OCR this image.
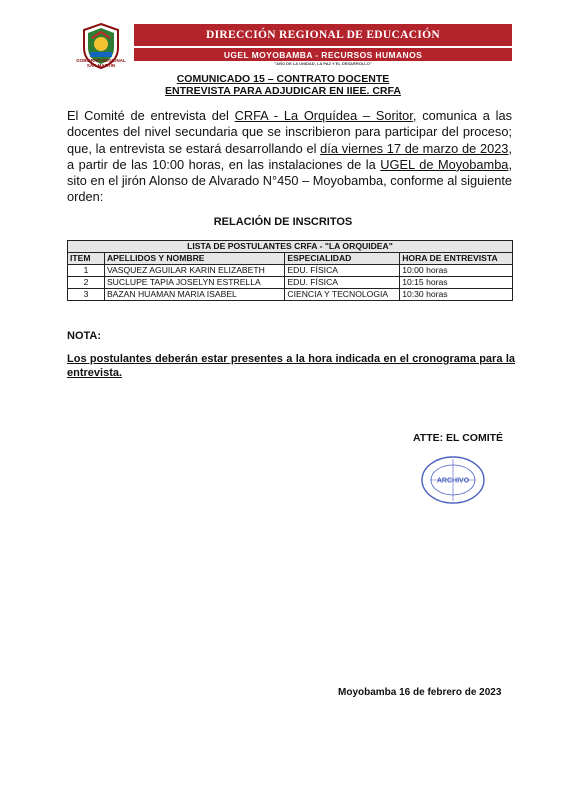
GOBIERNO REGIONAL SAN MARTÍN
DIRECCIÓN REGIONAL DE EDUCACIÓN
UGEL MOYOBAMBA - RECURSOS HUMANOS
"AÑO DE LA UNIDAD, LA PAZ Y EL DESARROLLO"
COMUNICADO 15 – CONTRATO DOCENTE
ENTREVISTA PARA ADJUDICAR EN IIEE. CRFA
El Comité de entrevista del CRFA - La Orquídea – Soritor, comunica a las docentes del nivel secundaria que se inscribieron para participar del proceso; que, la entrevista se estará desarrollando el día viernes 17 de marzo de 2023, a partir de las 10:00 horas, en las instalaciones de la UGEL de Moyobamba, sito en el jirón Alonso de Alvarado N°450 – Moyobamba, conforme al siguiente orden:
RELACIÓN DE INSCRITOS
LISTA DE POSTULANTES CRFA - "LA ORQUIDEA"			
ITEM	APELLIDOS Y NOMBRE	ESPECIALIDAD	HORA DE ENTREVISTA
1	VASQUEZ AGUILAR KARIN ELIZABETH	EDU. FÍSICA	10:00 horas
2	SUCLUPE TAPIA JOSELYN ESTRELLA	EDU. FÍSICA	10:15 horas
3	BAZAN HUAMAN MARIA ISABEL	CIENCIA Y TECNOLOGIA	10:30 horas
NOTA:
Los postulantes deberán estar presentes a la hora indicada en el cronograma para la entrevista.
ATTE: EL COMITÉ
ARCHIVO
Moyobamba 16 de febrero de 2023
